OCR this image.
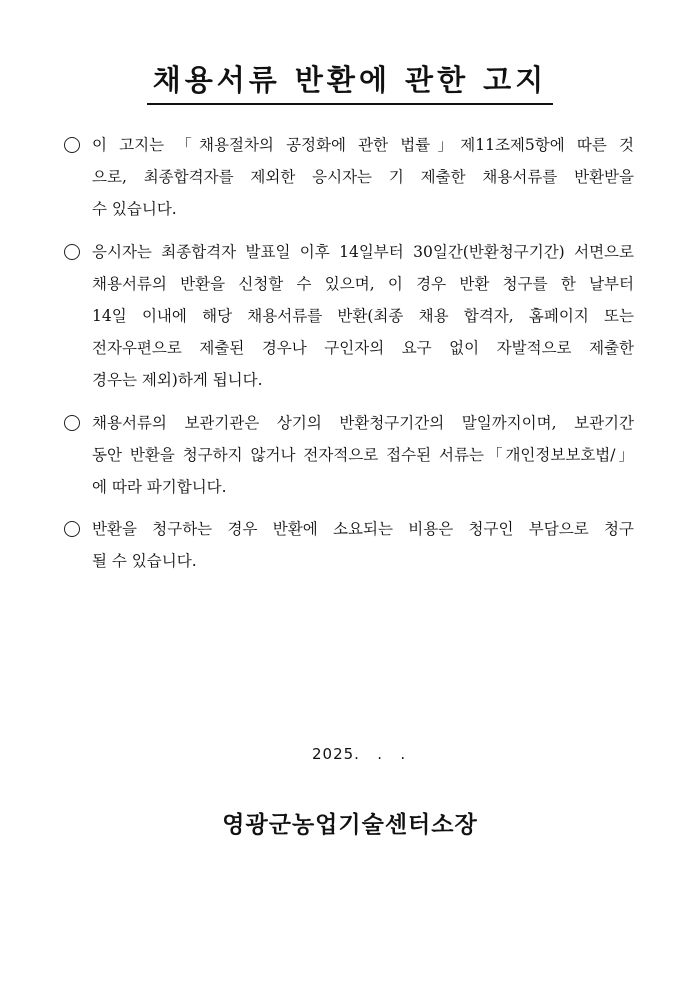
채용서류 반환에 관한 고지
이 고지는 「채용절차의 공정화에 관한 법률」제11조제5항에 따른 것
으로, 최종합격자를 제외한 응시자는 기 제출한 채용서류를 반환받을
수 있습니다.
응시자는 최종합격자 발표일 이후 14일부터 30일간(반환청구기간) 서면으로
채용서류의 반환을 신청할 수 있으며, 이 경우 반환 청구를 한 날부터
14일 이내에 해당 채용서류를 반환(최종 채용 합격자, 홈페이지 또는
전자우편으로 제출된 경우나 구인자의 요구 없이 자발적으로 제출한
경우는 제외)하게 됩니다.
채용서류의 보관기관은 상기의 반환청구기간의 말일까지이며, 보관기간
동안 반환을 청구하지 않거나 전자적으로 접수된 서류는「개인정보보호법/」
에 따라 파기합니다.
반환을 청구하는 경우 반환에 소요되는 비용은 청구인 부담으로 청구
될 수 있습니다.
2025.   .   .
영광군농업기술센터소장
